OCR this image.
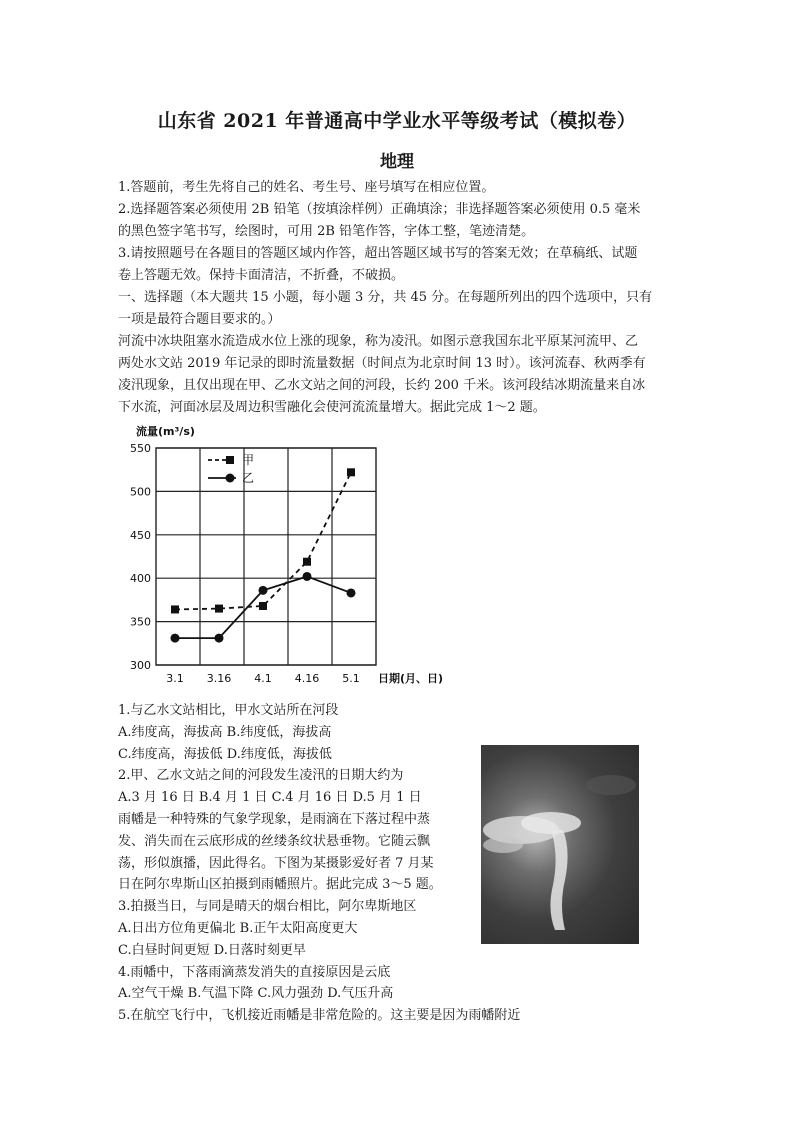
山东省 2021 年普通高中学业水平等级考试（模拟卷）
地理

1.答题前，考生先将自己的姓名、考生号、座号填写在相应位置。

2.选择题答案必须使用 2B 铅笔（按填涂样例）正确填涂；非选择题答案必须使用 0.5 毫米

的黑色签字笔书写，绘图时，可用 2B 铅笔作答，字体工整，笔迹清楚。

3.请按照题号在各题目的答题区域内作答，超出答题区域书写的答案无效；在草稿纸、试题

卷上答题无效。保持卡面清洁，不折叠，不破损。

一、选择题（本大题共 15 小题，每小题 3 分，共 45 分。在每题所列出的四个选项中，只有

一项是最符合题目要求的。）

河流中冰块阻塞水流造成水位上涨的现象，称为凌汛。如图示意我国东北平原某河流甲、乙

两处水文站 2019 年记录的即时流量数据（时间点为北京时间 13 时）。该河流春、秋两季有

凌汛现象，且仅出现在甲、乙水文站之间的河段，长约 200 千米。该河段结冰期流量来自冰

下水流，河面冰层及周边积雪融化会使河流流量增大。据此完成 1～2 题。

300
350
400
450
500
550
3.1 3.16 4.1 4.16 5.1
流量(m³/s)
日期(月、日)
甲
乙

1.与乙水文站相比，甲水文站所在河段

A.纬度高，海拔高 B.纬度低，海拔高

C.纬度高，海拔低 D.纬度低，海拔低

2.甲、乙水文站之间的河段发生凌汛的日期大约为

A.3 月 16 日 B.4 月 1 日 C.4 月 16 日 D.5 月 1 日

雨幡是一种特殊的气象学现象，是雨滴在下落过程中蒸

发、消失而在云底形成的丝缕条纹状悬垂物。它随云飘

荡，形似旗播，因此得名。下图为某摄影爱好者 7 月某

日在阿尔卑斯山区拍摄到雨幡照片。据此完成 3～5 题。

3.拍摄当日，与同是晴天的烟台相比，阿尔卑斯地区

A.日出方位角更偏北 B.正午太阳高度更大

C.白昼时间更短 D.日落时刻更早

4.雨幡中，下落雨滴蒸发消失的直接原因是云底

A.空气干燥 B.气温下降 C.风力强劲 D.气压升高

5.在航空飞行中，飞机接近雨幡是非常危险的。这主要是因为雨幡附近
